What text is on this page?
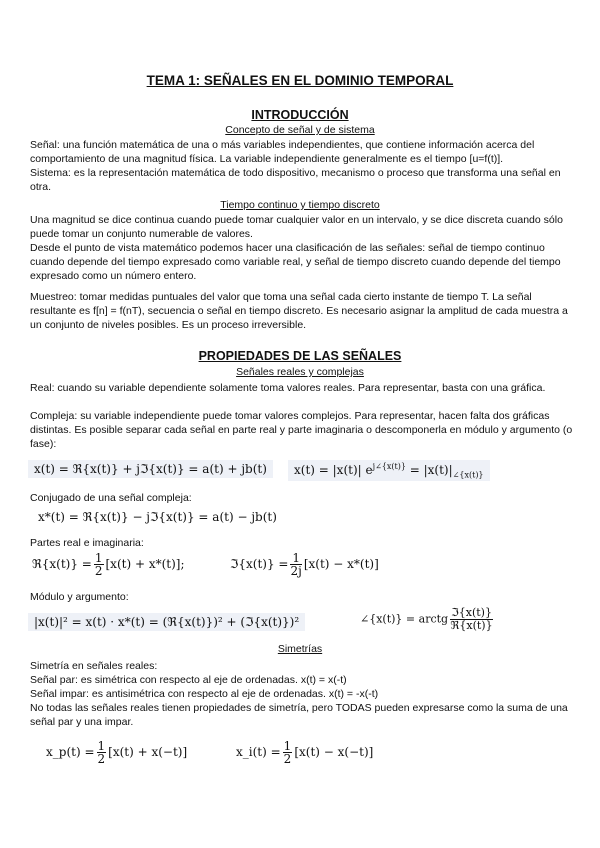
TEMA 1: SEÑALES EN EL DOMINIO TEMPORAL
INTRODUCCIÓN
Concepto de señal y de sistema
Señal: una función matemática de una o más variables independientes, que contiene información acerca del comportamiento de una magnitud física. La variable independiente generalmente es el tiempo [u=f(t)].
Sistema: es la representación matemática de todo dispositivo, mecanismo o proceso que transforma una señal en otra.
Tiempo continuo y tiempo discreto
Una magnitud se dice continua cuando puede tomar cualquier valor en un intervalo, y se dice discreta cuando sólo puede tomar un conjunto numerable de valores.
Desde el punto de vista matemático podemos hacer una clasificación de las señales: señal de tiempo continuo cuando depende del tiempo expresado como variable real, y señal de tiempo discreto cuando depende del tiempo expresado como un número entero.
Muestreo: tomar medidas puntuales del valor que toma una señal cada cierto instante de tiempo T. La señal resultante es f[n] = f(nT), secuencia o señal en tiempo discreto. Es necesario asignar la amplitud de cada muestra a un conjunto de niveles posibles. Es un proceso irreversible.
PROPIEDADES DE LAS SEÑALES
Señales reales y complejas
Real: cuando su variable dependiente solamente toma valores reales. Para representar, basta con una gráfica.
Compleja: su variable independiente puede tomar valores complejos. Para representar, hacen falta dos gráficas distintas. Es posible separar cada señal en parte real y parte imaginaria o descomponerla en módulo y argumento (o fase):
x(t) = ℜ{x(t)} + jℑ{x(t)} = a(t) + jb(t)	x(t) = |x(t)| $e^{j\angle\{x(t)\}} = |x(t)|_{\angle\{x(t)\}}$
Conjugado de una señal compleja:
x*(t) = ℜ{x(t)} − jℑ{x(t)} = a(t) − jb(t)
Partes real e imaginaria:
ℜ{x(t)} = $\frac{1}{2} [x(t) + x*(t)]$;	ℑ{x(t)} = $\frac{1}{2j} [x(t) - x*(t)]$
Módulo y argumento:
|x(t)|² = x(t) · x*(t) = (ℜ{x(t)})² + (ℑ{x(t)})²	∠{x(t)} = arctg $\frac{\text{ℑ\{x(t)\}}}{\text{ℜ\{x(t)\}}}$
Simetrías
Simetría en señales reales:
Señal par: es simétrica con respecto al eje de ordenadas. x(t) = x(-t)
Señal impar: es antisimétrica con respecto al eje de ordenadas. x(t) = -x(-t)
No todas las señales reales tienen propiedades de simetría, pero TODAS pueden expresarse como la suma de una señal par y una impar.
x_p(t) = $\frac{1}{2} [x(t) + x(-t)]$	x_i(t) = $\frac{1}{2} [x(t) - x(-t)]$
